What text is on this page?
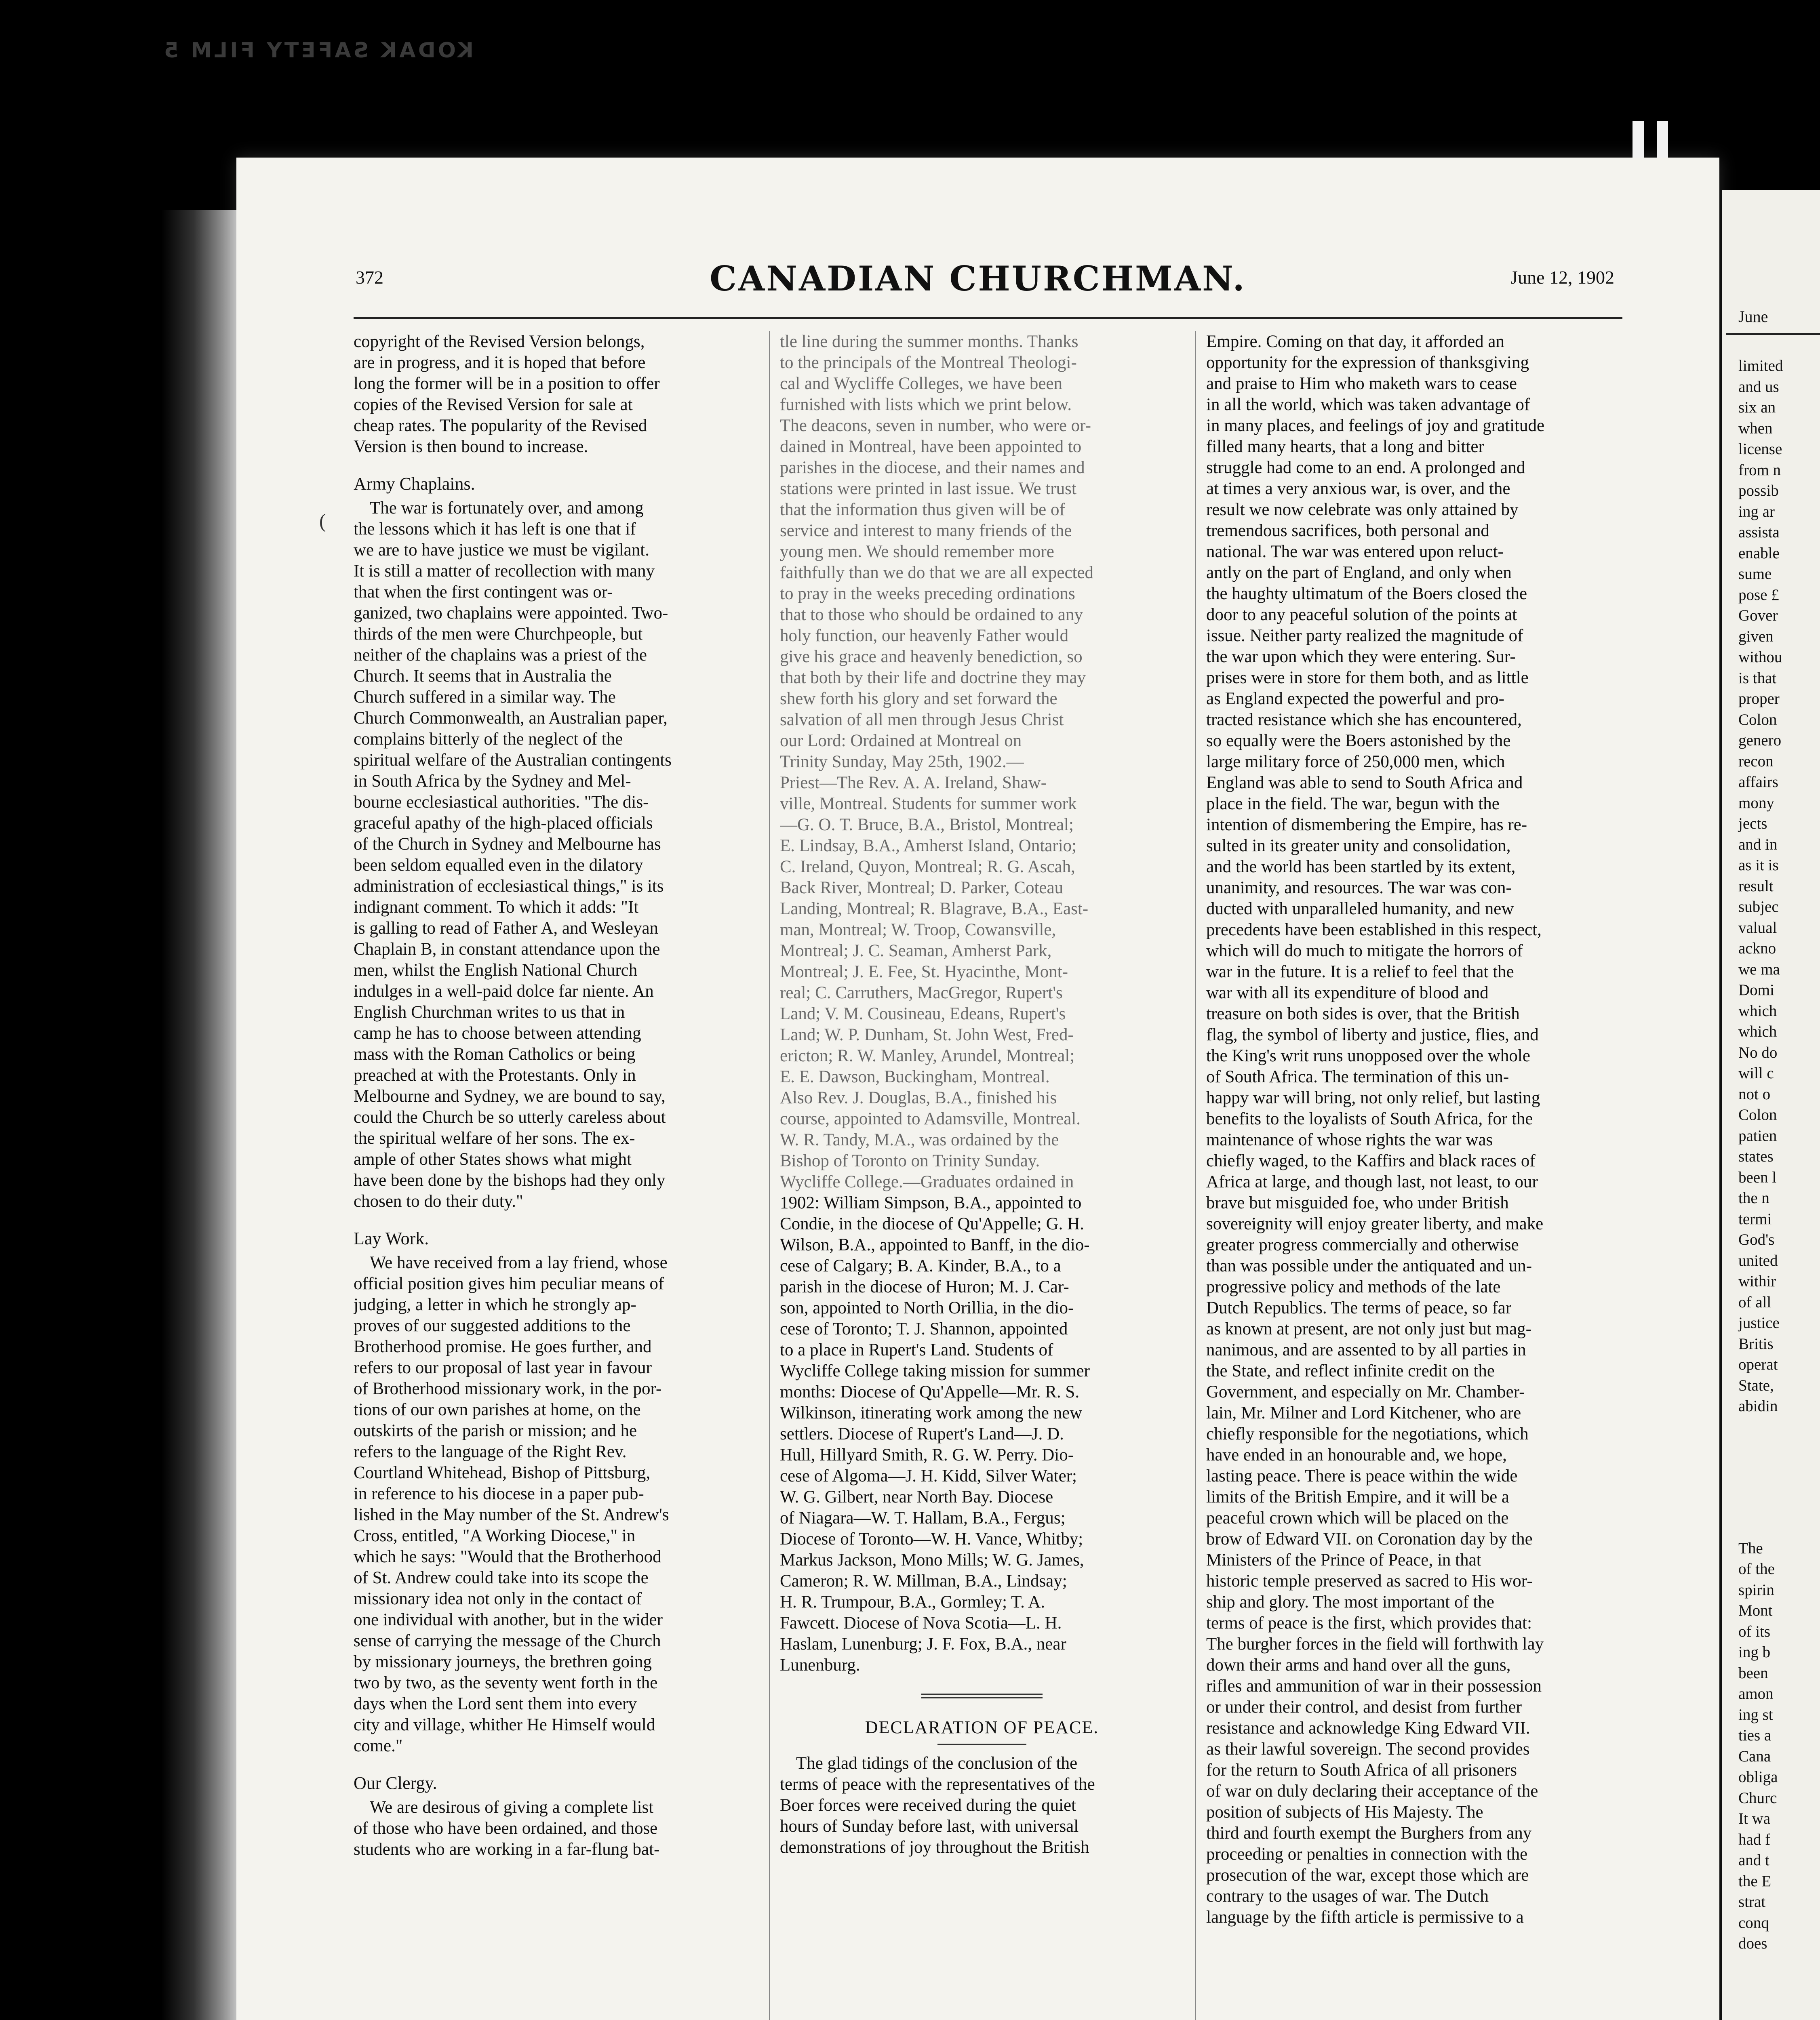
KODAK SAFETY FILM 5
June
limited
and us
six an
when
license
from n
possib
ing ar
assista
enable
sume
pose £
Gover
given
withou
is that
proper
Colon
genero
recon
affairs
mony
jects
and in
as it is
result
subjec
valual
ackno
we ma
Domi
which
which
No do
will c
not o
Colon
patien
states
been l
the n
termi
God's
united
withir
of all
justice
Britis
operat
State,
abidin
The
of the
spirin
Mont
of its
ing b
been
amon
ing st
ties a
Cana
obliga
Churc
It wa
had f
and t
the E
strat
conq
does
372	CANADIAN CHURCHMAN.	June 12, 1902
copyright of the Revised Version belongs,
are in progress, and it is hoped that before
long the former will be in a position to offer
copies of the Revised Version for sale at
cheap rates. The popularity of the Revised
Version is then bound to increase.
Army Chaplains.
The war is fortunately over, and among
the lessons which it has left is one that if
we are to have justice we must be vigilant.
It is still a matter of recollection with many
that when the first contingent was or-
ganized, two chaplains were appointed. Two-
thirds of the men were Churchpeople, but
neither of the chaplains was a priest of the
Church. It seems that in Australia the
Church suffered in a similar way. The
Church Commonwealth, an Australian paper,
complains bitterly of the neglect of the
spiritual welfare of the Australian contingents
in South Africa by the Sydney and Mel-
bourne ecclesiastical authorities. "The dis-
graceful apathy of the high-placed officials
of the Church in Sydney and Melbourne has
been seldom equalled even in the dilatory
administration of ecclesiastical things," is its
indignant comment. To which it adds: "It
is galling to read of Father A, and Wesleyan
Chaplain B, in constant attendance upon the
men, whilst the English National Church
indulges in a well-paid dolce far niente. An
English Churchman writes to us that in
camp he has to choose between attending
mass with the Roman Catholics or being
preached at with the Protestants. Only in
Melbourne and Sydney, we are bound to say,
could the Church be so utterly careless about
the spiritual welfare of her sons. The ex-
ample of other States shows what might
have been done by the bishops had they only
chosen to do their duty."
Lay Work.
We have received from a lay friend, whose
official position gives him peculiar means of
judging, a letter in which he strongly ap-
proves of our suggested additions to the
Brotherhood promise. He goes further, and
refers to our proposal of last year in favour
of Brotherhood missionary work, in the por-
tions of our own parishes at home, on the
outskirts of the parish or mission; and he
refers to the language of the Right Rev.
Courtland Whitehead, Bishop of Pittsburg,
in reference to his diocese in a paper pub-
lished in the May number of the St. Andrew's
Cross, entitled, "A Working Diocese," in
which he says: "Would that the Brotherhood
of St. Andrew could take into its scope the
missionary idea not only in the contact of
one individual with another, but in the wider
sense of carrying the message of the Church
by missionary journeys, the brethren going
two by two, as the seventy went forth in the
days when the Lord sent them into every
city and village, whither He Himself would
come."
Our Clergy.
We are desirous of giving a complete list
of those who have been ordained, and those
students who are working in a far-flung bat-
tle line during the summer months. Thanks
to the principals of the Montreal Theologi-
cal and Wycliffe Colleges, we have been
furnished with lists which we print below.
The deacons, seven in number, who were or-
dained in Montreal, have been appointed to
parishes in the diocese, and their names and
stations were printed in last issue. We trust
that the information thus given will be of
service and interest to many friends of the
young men. We should remember more
faithfully than we do that we are all expected
to pray in the weeks preceding ordinations
that to those who should be ordained to any
holy function, our heavenly Father would
give his grace and heavenly benediction, so
that both by their life and doctrine they may
shew forth his glory and set forward the
salvation of all men through Jesus Christ
our Lord: Ordained at Montreal on
Trinity Sunday, May 25th, 1902.—
Priest—The Rev. A. A. Ireland, Shaw-
ville, Montreal. Students for summer work
—G. O. T. Bruce, B.A., Bristol, Montreal;
E. Lindsay, B.A., Amherst Island, Ontario;
C. Ireland, Quyon, Montreal; R. G. Ascah,
Back River, Montreal; D. Parker, Coteau
Landing, Montreal; R. Blagrave, B.A., East-
man, Montreal; W. Troop, Cowansville,
Montreal; J. C. Seaman, Amherst Park,
Montreal; J. E. Fee, St. Hyacinthe, Mont-
real; C. Carruthers, MacGregor, Rupert's
Land; V. M. Cousineau, Edeans, Rupert's
Land; W. P. Dunham, St. John West, Fred-
ericton; R. W. Manley, Arundel, Montreal;
E. E. Dawson, Buckingham, Montreal.
Also Rev. J. Douglas, B.A., finished his
course, appointed to Adamsville, Montreal.
W. R. Tandy, M.A., was ordained by the
Bishop of Toronto on Trinity Sunday.
Wycliffe College.—Graduates ordained in
1902: William Simpson, B.A., appointed to
Condie, in the diocese of Qu'Appelle; G. H.
Wilson, B.A., appointed to Banff, in the dio-
cese of Calgary; B. A. Kinder, B.A., to a
parish in the diocese of Huron; M. J. Car-
son, appointed to North Orillia, in the dio-
cese of Toronto; T. J. Shannon, appointed
to a place in Rupert's Land. Students of
Wycliffe College taking mission for summer
months: Diocese of Qu'Appelle—Mr. R. S.
Wilkinson, itinerating work among the new
settlers. Diocese of Rupert's Land—J. D.
Hull, Hillyard Smith, R. G. W. Perry. Dio-
cese of Algoma—J. H. Kidd, Silver Water;
W. G. Gilbert, near North Bay. Diocese
of Niagara—W. T. Hallam, B.A., Fergus;
Diocese of Toronto—W. H. Vance, Whitby;
Markus Jackson, Mono Mills; W. G. James,
Cameron; R. W. Millman, B.A., Lindsay;
H. R. Trumpour, B.A., Gormley; T. A.
Fawcett. Diocese of Nova Scotia—L. H.
Haslam, Lunenburg; J. F. Fox, B.A., near
Lunenburg.
DECLARATION OF PEACE.
The glad tidings of the conclusion of the
terms of peace with the representatives of the
Boer forces were received during the quiet
hours of Sunday before last, with universal
demonstrations of joy throughout the British
Empire. Coming on that day, it afforded an
opportunity for the expression of thanksgiving
and praise to Him who maketh wars to cease
in all the world, which was taken advantage of
in many places, and feelings of joy and gratitude
filled many hearts, that a long and bitter
struggle had come to an end. A prolonged and
at times a very anxious war, is over, and the
result we now celebrate was only attained by
tremendous sacrifices, both personal and
national. The war was entered upon reluct-
antly on the part of England, and only when
the haughty ultimatum of the Boers closed the
door to any peaceful solution of the points at
issue. Neither party realized the magnitude of
the war upon which they were entering. Sur-
prises were in store for them both, and as little
as England expected the powerful and pro-
tracted resistance which she has encountered,
so equally were the Boers astonished by the
large military force of 250,000 men, which
England was able to send to South Africa and
place in the field. The war, begun with the
intention of dismembering the Empire, has re-
sulted in its greater unity and consolidation,
and the world has been startled by its extent,
unanimity, and resources. The war was con-
ducted with unparalleled humanity, and new
precedents have been established in this respect,
which will do much to mitigate the horrors of
war in the future. It is a relief to feel that the
war with all its expenditure of blood and
treasure on both sides is over, that the British
flag, the symbol of liberty and justice, flies, and
the King's writ runs unopposed over the whole
of South Africa. The termination of this un-
happy war will bring, not only relief, but lasting
benefits to the loyalists of South Africa, for the
maintenance of whose rights the war was
chiefly waged, to the Kaffirs and black races of
Africa at large, and though last, not least, to our
brave but misguided foe, who under British
sovereignity will enjoy greater liberty, and make
greater progress commercially and otherwise
than was possible under the antiquated and un-
progressive policy and methods of the late
Dutch Republics. The terms of peace, so far
as known at present, are not only just but mag-
nanimous, and are assented to by all parties in
the State, and reflect infinite credit on the
Government, and especially on Mr. Chamber-
lain, Mr. Milner and Lord Kitchener, who are
chiefly responsible for the negotiations, which
have ended in an honourable and, we hope,
lasting peace. There is peace within the wide
limits of the British Empire, and it will be a
peaceful crown which will be placed on the
brow of Edward VII. on Coronation day by the
Ministers of the Prince of Peace, in that
historic temple preserved as sacred to His wor-
ship and glory. The most important of the
terms of peace is the first, which provides that:
The burgher forces in the field will forthwith lay
down their arms and hand over all the guns,
rifles and ammunition of war in their possession
or under their control, and desist from further
resistance and acknowledge King Edward VII.
as their lawful sovereign. The second provides
for the return to South Africa of all prisoners
of war on duly declaring their acceptance of the
position of subjects of His Majesty. The
third and fourth exempt the Burghers from any
proceeding or penalties in connection with the
prosecution of the war, except those which are
contrary to the usages of war. The Dutch
language by the fifth article is permissive to a
(
